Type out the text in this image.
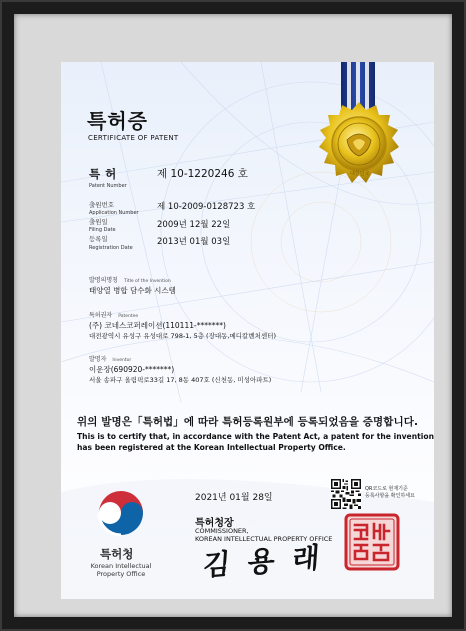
대한민국
특허증
CERTIFICATE OF PATENT
특 허
Patent Number
제 10-1220246 호
출원번호
Application Number
제 10-2009-0128723 호
출원일
Filing Date	2009년 12월 22일
등록일
Registration Date
2013년 01월 03일
발명의명칭 Title of the Invention
태양열 병합 담수화 시스템
특허권자 Patentee
(주) 코네스코퍼레이션(110111-*******)
대전광역시 유성구 유성대로 798-1, 5층 (장대동,메디칼벤처센터)
발명자 Inventor
이운장(690920-*******)
서울 송파구 올림픽로33길 17, 8동 407호 (신천동, 미성아파트)
위의 발명은「특허법」에 따라 특허등록원부에 등록되었음을 증명합니다.
This is to certify that, in accordance with the Patent Act, a patent for the invention
has been registered at the Korean Intellectual Property Office.
2021년 01월 28일
QR코드로 현재기준
등록사항을 확인하세요
특허청장
COMMISSIONER,
KOREAN INTELLECTUAL PROPERTY OFFICE
김 용 래
특허청
Korean Intellectual
Property Office
